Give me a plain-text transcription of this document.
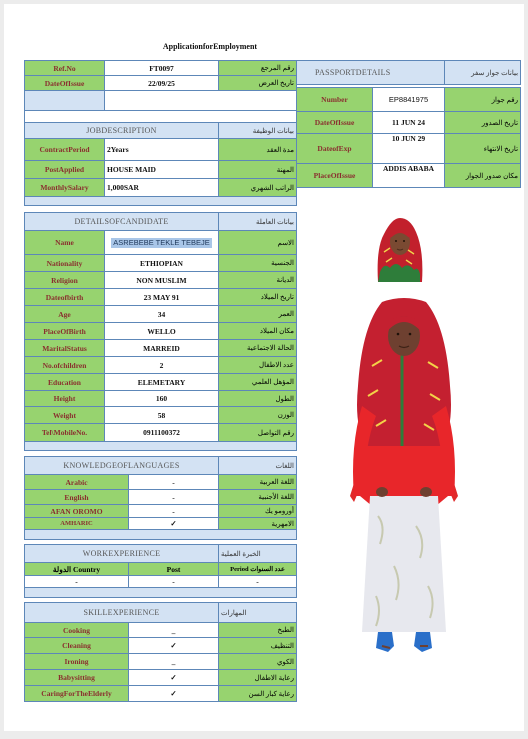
ApplicationforEmployment
Ref.No	FT0097	رقم المرجع
DateOfIssue	22/09/25	تاريخ العرض

JOBDESCRIPTION		بيانات الوظيفة
ContractPeriod	2Years	مدة العقد
PostApplied	HOUSE MAID	المهنة
MonthlySalary	1,000SAR	الراتب الشهري

DETAILSOFCANDIDATE		بيانات العاملة
Name	ASREBEBE TEKLE TEBEJE	الاسم
Nationality	ETHIOPIAN	الجنسية
Religion	NON MUSLIM	الديانة
Dateofbirth	23 MAY 91	تاريخ الميلاد
Age	34	العمر
PlaceOfBirth	WELLO	مكان الميلاد
MaritalStatus	MARREID	الحالة الاجتماعية
No.ofchildren	2	عدد الاطفال
Education	ELEMETARY	المؤهل العلمي
Height	160	الطول
Weight	58	الوزن
Tel\MobileNo.	0911100372	رقم التواصل

KNOWLEDGEOFLANGUAGES		اللغات
Arabic	-	اللغة العربية
English	-	اللغة الأجنبية
AFAN OROMO	-	أورومو يك
AMHARIC	✓	الامهرية

WORKEXPERIENCE		الخبرة العملية
الدولة Country	Post	Period عدد السنوات
-	-	-

SKILLEXPERIENCE		المهارات
Cooking	_	الطبخ
Cleaning	✓	التنظيف
Ironing	_	الكوي
Babysitting	✓	رعاية الاطفال
CaringForTheElderly	✓	رعاية كبار السن
PASSPORTDETAILS		بيانات جواز سفر

Number	EP8841975	رقم جواز
DateOfIssue	11 JUN 24	تاريخ الصدور
DateofExp	10 JUN 29	تاريخ الانتهاء
PlaceOfIssue	ADDIS ABABA	مكان صدور الجواز
